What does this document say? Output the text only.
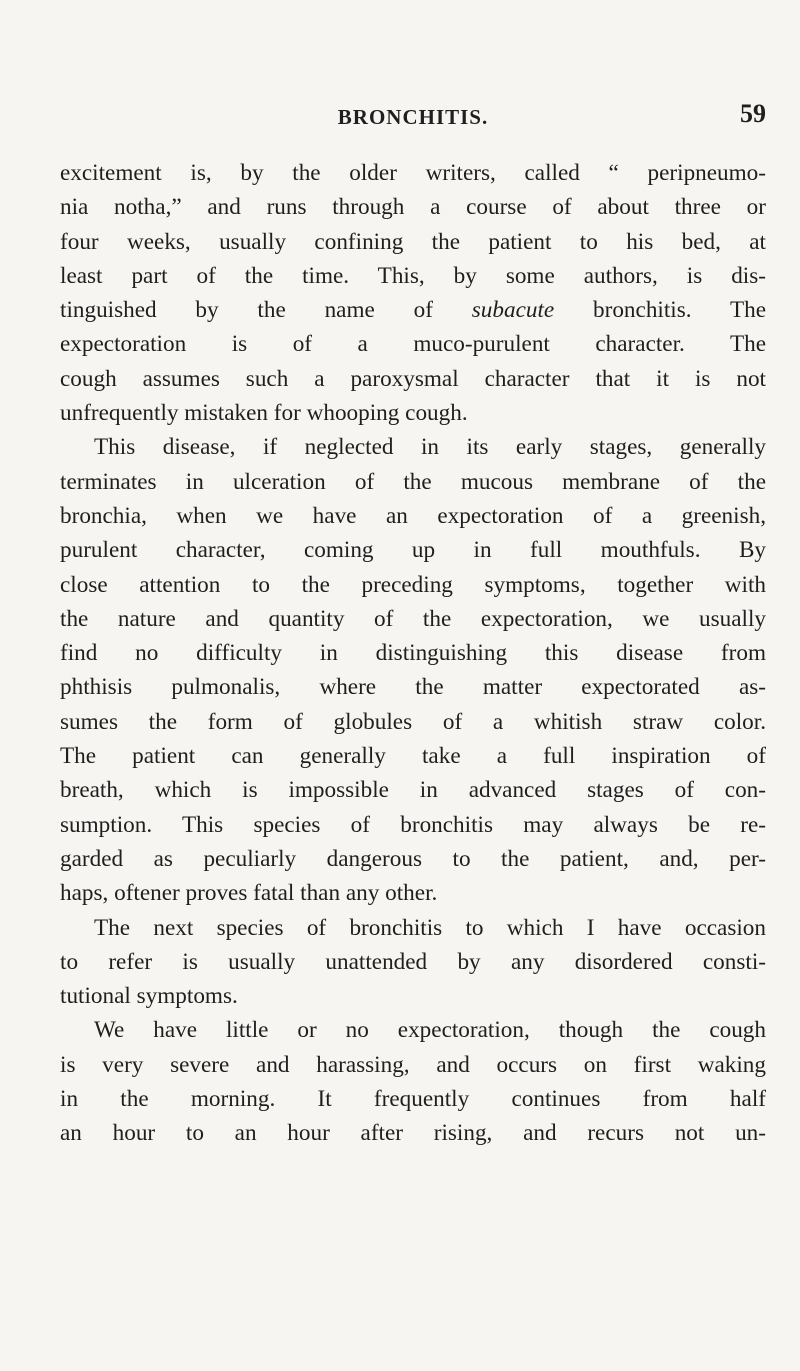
BRONCHITIS.	59
excitement is, by the older writers, called “ peripneumo-
nia notha,” and runs through a course of about three or
four weeks, usually confining the patient to his bed, at
least part of the time. This, by some authors, is dis-
tinguished by the name of subacute bronchitis. The
expectoration is of a muco-purulent character. The
cough assumes such a paroxysmal character that it is not
unfrequently mistaken for whooping cough.
This disease, if neglected in its early stages, generally
terminates in ulceration of the mucous membrane of the
bronchia, when we have an expectoration of a greenish,
purulent character, coming up in full mouthfuls. By
close attention to the preceding symptoms, together with
the nature and quantity of the expectoration, we usually
find no difficulty in distinguishing this disease from
phthisis pulmonalis, where the matter expectorated as-
sumes the form of globules of a whitish straw color.
The patient can generally take a full inspiration of
breath, which is impossible in advanced stages of con-
sumption. This species of bronchitis may always be re-
garded as peculiarly dangerous to the patient, and, per-
haps, oftener proves fatal than any other.
The next species of bronchitis to which I have occasion
to refer is usually unattended by any disordered consti-
tutional symptoms.
We have little or no expectoration, though the cough
is very severe and harassing, and occurs on first waking
in the morning. It frequently continues from half
an hour to an hour after rising, and recurs not un-
